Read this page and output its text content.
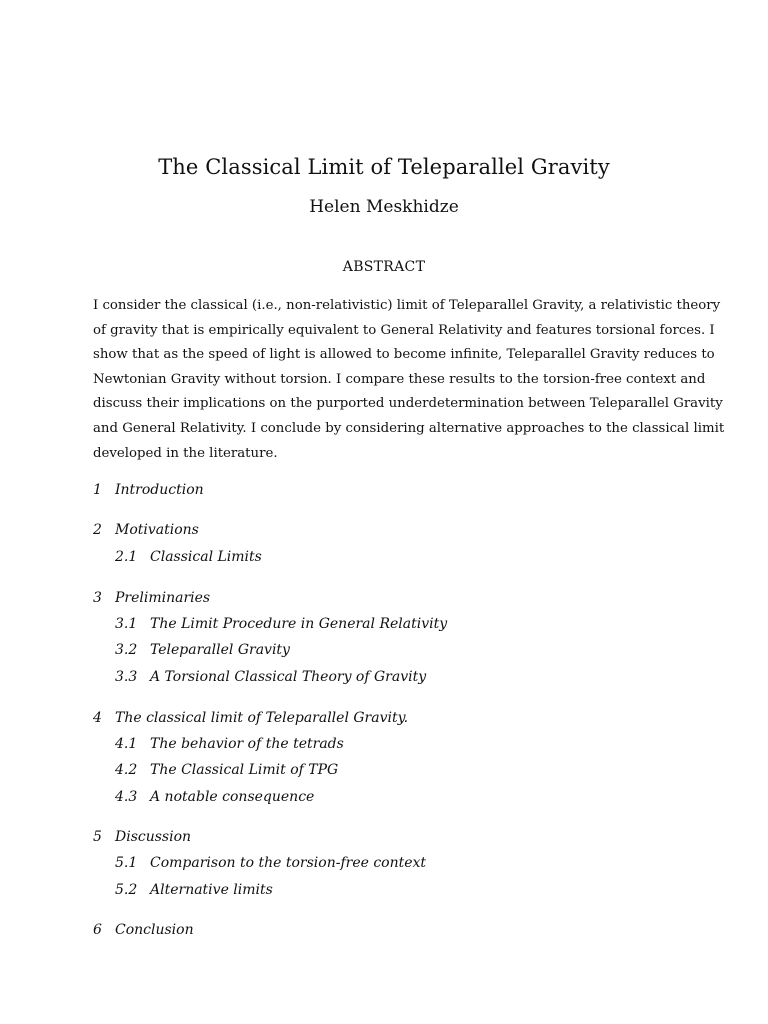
The Classical Limit of Teleparallel Gravity
Helen Meskhidze
ABSTRACT
I consider the classical (i.e., non-relativistic) limit of Teleparallel Gravity, a relativistic theory
of gravity that is empirically equivalent to General Relativity and features torsional forces. I
show that as the speed of light is allowed to become infinite, Teleparallel Gravity reduces to
Newtonian Gravity without torsion. I compare these results to the torsion-free context and
discuss their implications on the purported underdetermination between Teleparallel Gravity
and General Relativity. I conclude by considering alternative approaches to the classical limit
developed in the literature.
1 Introduction
2 Motivations
2.1 Classical Limits
3 Preliminaries
3.1 The Limit Procedure in General Relativity
3.2 Teleparallel Gravity
3.3 A Torsional Classical Theory of Gravity
4 The classical limit of Teleparallel Gravity.
4.1 The behavior of the tetrads
4.2 The Classical Limit of TPG
4.3 A notable consequence
5 Discussion
5.1 Comparison to the torsion-free context
5.2 Alternative limits
6 Conclusion
